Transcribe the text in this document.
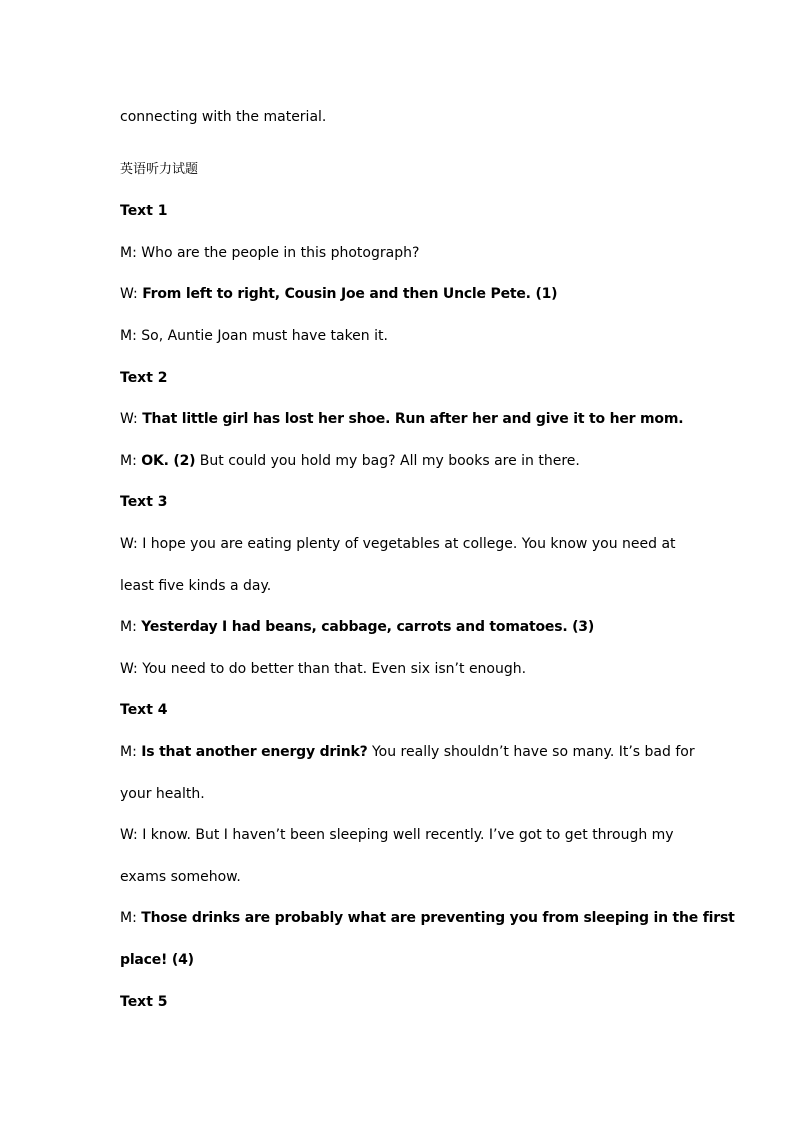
connecting with the material.
英语听力试题
Text 1
M: Who are the people in this photograph?
W: From left to right, Cousin Joe and then Uncle Pete. (1)
M: So, Auntie Joan must have taken it.
Text 2
W: That little girl has lost her shoe. Run after her and give it to her mom.
M: OK. (2) But could you hold my bag? All my books are in there.
Text 3
W: I hope you are eating plenty of vegetables at college. You know you need at
least five kinds a day.
M: Yesterday I had beans, cabbage, carrots and tomatoes. (3)
W: You need to do better than that. Even six isn’t enough.
Text 4
M: Is that another energy drink? You really shouldn’t have so many. It’s bad for
your health.
W: I know. But I haven’t been sleeping well recently. I’ve got to get through my
exams somehow.
M: Those drinks are probably what are preventing you from sleeping in the first
place! (4)
Text 5
